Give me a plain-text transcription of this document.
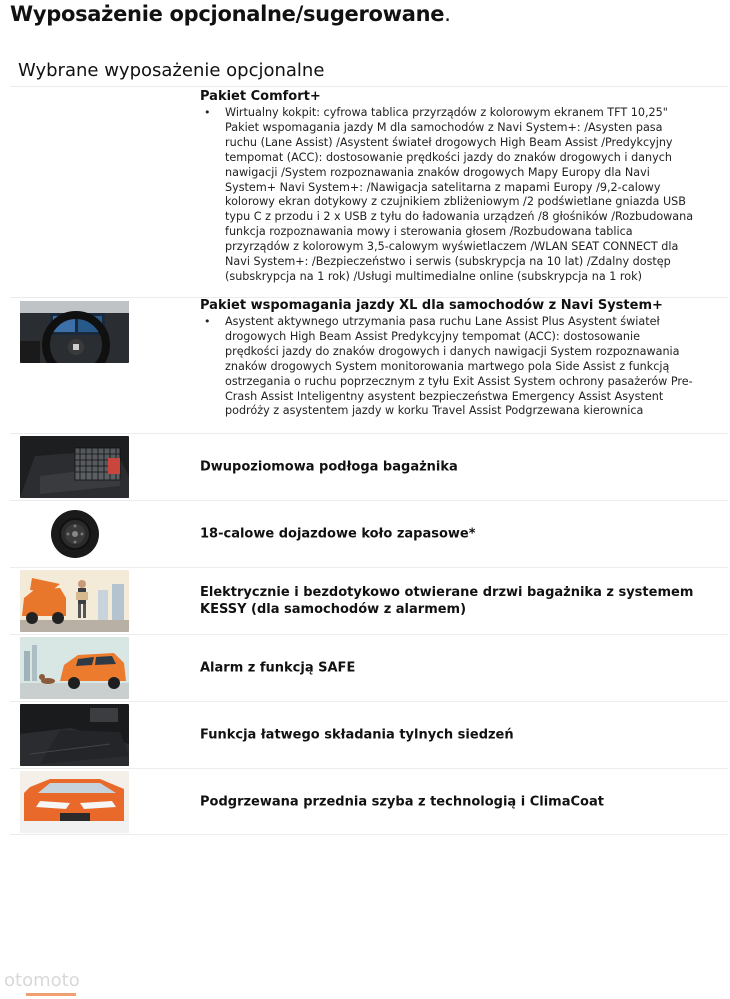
Wyposażenie opcjonalne/sugerowane.
Wybrane wyposażenie opcjonalne
Pakiet Comfort+
• Wirtualny kokpit: cyfrowa tablica przyrządów z kolorowym ekranem TFT 10,25" Pakiet wspomagania jazdy M dla samochodów z Navi System+: /Asysten pasa ruchu (Lane Assist) /Asystent świateł drogowych High Beam Assist /Predykcyjny tempomat (ACC): dostosowanie prędkości jazdy do znaków drogowych i danych nawigacji /System rozpoznawania znaków drogowych Mapy Europy dla Navi System+ Navi System+: /Nawigacja satelitarna z mapami Europy /9,2-calowy kolorowy ekran dotykowy z czujnikiem zbliżeniowym /2 podświetlane gniazda USB typu C z przodu i 2 x USB z tyłu do ładowania urządzeń /8 głośników /Rozbudowana funkcja rozpoznawania mowy i sterowania głosem /Rozbudowana tablica przyrządów z kolorowym 3,5-calowym wyświetlaczem /WLAN SEAT CONNECT dla Navi System+: /Bezpieczeństwo i serwis (subskrypcja na 10 lat) /Zdalny dostęp (subskrypcja na 1 rok) /Usługi multimedialne online (subskrypcja na 1 rok)
Pakiet wspomagania jazdy XL dla samochodów z Navi System+
• Asystent aktywnego utrzymania pasa ruchu Lane Assist Plus Asystent świateł drogowych High Beam Assist Predykcyjny tempomat (ACC): dostosowanie prędkości jazdy do znaków drogowych i danych nawigacji System rozpoznawania znaków drogowych System monitorowania martwego pola Side Assist z funkcją ostrzegania o ruchu poprzecznym z tyłu Exit Assist System ochrony pasażerów Pre-Crash Assist Inteligentny asystent bezpieczeństwa Emergency Assist Asystent podróży z asystentem jazdy w korku Travel Assist Podgrzewana kierownica
Dwupoziomowa podłoga bagażnika
18-calowe dojazdowe koło zapasowe*
Elektrycznie i bezdotykowo otwierane drzwi bagażnika z systemem KESSY (dla samochodów z alarmem)
Alarm z funkcją SAFE
Funkcja łatwego składania tylnych siedzeń
Podgrzewana przednia szyba z technologią i ClimaCoat
otomoto
